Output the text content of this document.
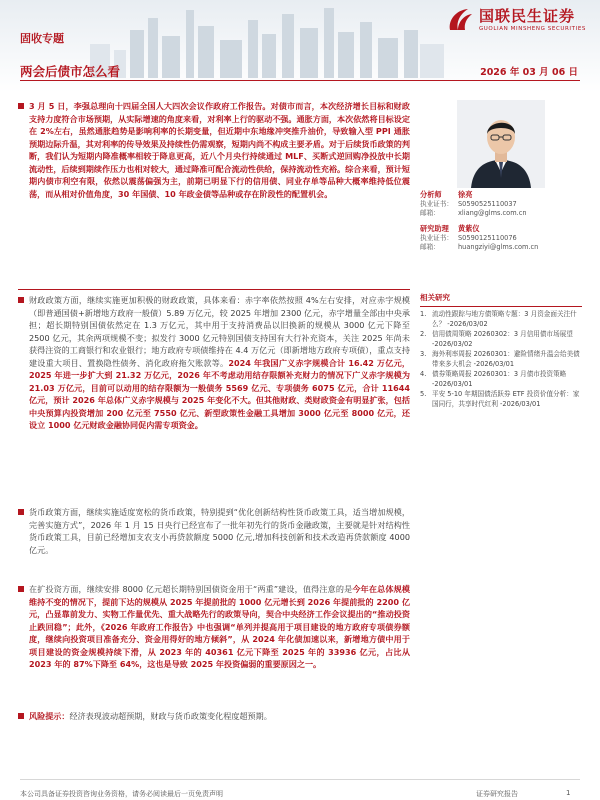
国联民生证券
GUOLIAN MINSHENG SECURITIES
固收专题
两会后债市怎么看	2026 年 03 月 06 日
3 月 5 日，李强总理向十四届全国人大四次会议作政府工作报告。对债市而言，本次经济增长目标和财政支持力度符合市场预期，从实际增速的角度来看，对利率上行的驱动不强。通胀方面，本次依然将目标设定在 2%左右，虽然通胀趋势是影响利率的长期变量，但近期中东地缘冲突推升油价，导致输入型 PPI 通胀预期边际升温，其对利率的传导效果及持续性仍需观察，短期内尚不构成主要矛盾。对于后续货币政策的判断，我们认为短期内降准概率相较于降息更高，近八个月央行持续通过 MLF、买断式逆回购净投放中长期流动性，后续到期续作压力也相对较大，通过降准可配合流动性供给，保持流动性充裕。综合来看，预计短期内债市利空有限，依然以震荡偏强为主，前期已明显下行的信用债、同业存单等品种大概率维持低位震荡，而从相对价值角度，30 年国债、10 年政金债等品种或存在阶段性的配置机会。
财政政策方面，继续实施更加积极的财政政策，具体来看：赤字率依然按照 4%左右安排，对应赤字规模（即普通国债+新增地方政府一般债）5.89 万亿元，较 2025 年增加 2300 亿元，赤字增量全部由中央承担；超长期特别国债依然定在 1.3 万亿元，其中用于支持消费品以旧换新的规模从 3000 亿元下降至 2500 亿元，其余两项规模不变；拟发行 3000 亿元特别国债支持国有大行补充资本，关注 2025 年尚未获得注资的工商银行和农业银行；地方政府专项债维持在 4.4 万亿元（即新增地方政府专项债），重点支持建设重大项目、置换隐性债务、消化政府拖欠账款等。2024 年我国广义赤字规模合计 16.42 万亿元，2025 年进一步扩大到 21.32 万亿元，2026 年不考虑动用结存限额补充财力的情况下广义赤字规模为 21.03 万亿元，目前可以动用的结存限额为一般债务 5569 亿元、专项债务 6075 亿元，合计 11644 亿元，预计 2026 年总体广义赤字规模与 2025 年变化不大。但其他财政、类财政资金有明显扩张，包括中央预算内投资增加 200 亿元至 7550 亿元、新型政策性金融工具增加 3000 亿元至 8000 亿元，还设立 1000 亿元财政金融协同促内需专项资金。
货币政策方面，继续实施适度宽松的货币政策，特别提到“优化创新结构性货币政策工具，适当增加规模，完善实施方式”，2026 年 1 月 15 日央行已经宣布了一批年初先行的货币金融政策，主要就是针对结构性货币政策工具，目前已经增加支农支小再贷款额度 5000 亿元,增加科技创新和技术改造再贷款额度 4000 亿元。
在扩投资方面，继续安排 8000 亿元超长期特别国债资金用于“两重”建设，值得注意的是今年在总体规模维持不变的情况下，提前下达的规模从 2025 年提前批的 1000 亿元增长到 2026 年提前批的 2200 亿元，凸显靠前发力、实物工作量优先、重大战略先行的政策导向，契合中央经济工作会议提出的“推动投资止跌回稳”；此外，《2026 年政府工作报告》中也强调“单列并提高用于项目建设的地方政府专项债券额度，继续向投资项目准备充分、资金用得好的地方倾斜”，从 2024 年化债加速以来，新增地方债中用于项目建设的资金规模持续下滑，从 2023 年的 40361 亿元下降至 2025 年的 33936 亿元，占比从 2023 年的 87%下降至 64%，这也是导致 2025 年投资偏弱的重要原因之一。
风险提示：经济表现波动超预期，财政与货币政策变化程度超预期。
分析师	徐亮
执业证书： S0590525110037
邮箱：	xliang@glms.com.cn
研究助理	黄紫仪
执业证书： S0590125110076
邮箱：	huangziyi@glms.com.cn
相关研究
1. 流动性跟踪与地方债策略专题：3 月资金面关注什么？ -2026/03/02
2. 信用债周策略 20260302：3 月信用债市场展望 -2026/03/02
3. 海外利率周报 20260301：避险情绪升温会给美债带来多大机会 -2026/03/01
4. 债券策略周报 20260301：3 月债市投资策略 -2026/03/01
5. 平安 5-10 年期国债活跃券 ETF 投资价值分析：家国同行，共享时代红利 -2026/03/01
本公司具备证券投资咨询业务资格，请务必阅读最后一页免责声明	证券研究报告	1
